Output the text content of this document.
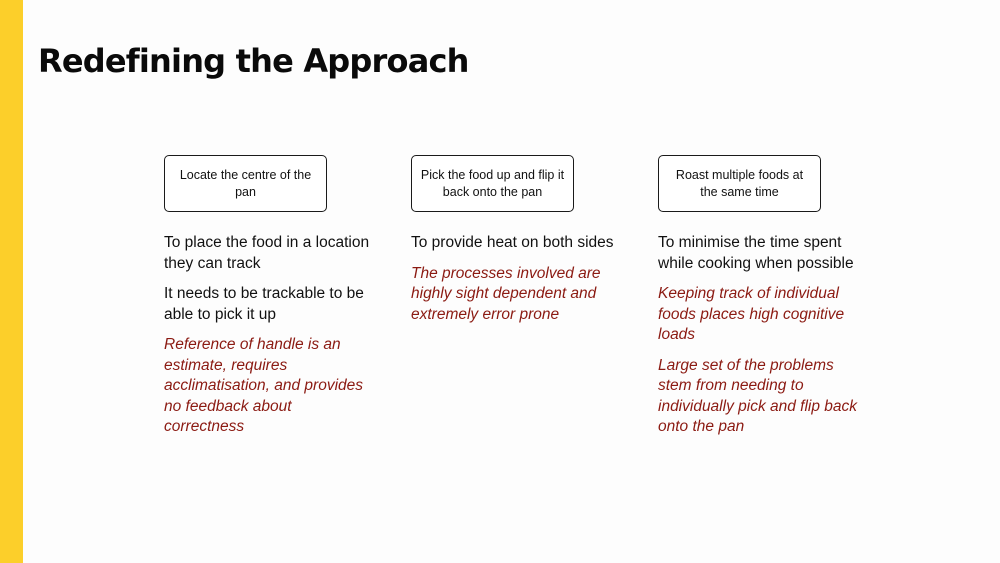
Redefining the Approach
Locate the centre of the pan

To place the food in a location they can track

It needs to be trackable to be able to pick it up

Reference of handle is an estimate, requires acclimatisation, and provides no feedback about correctness

Pick the food up and flip it back onto the pan

To provide heat on both sides

The processes involved are highly sight dependent and extremely error prone

Roast multiple foods at the same time

To minimise the time spent while cooking when possible

Keeping track of individual foods places high cognitive loads

Large set of the problems stem from needing to individually pick and flip back onto the pan
